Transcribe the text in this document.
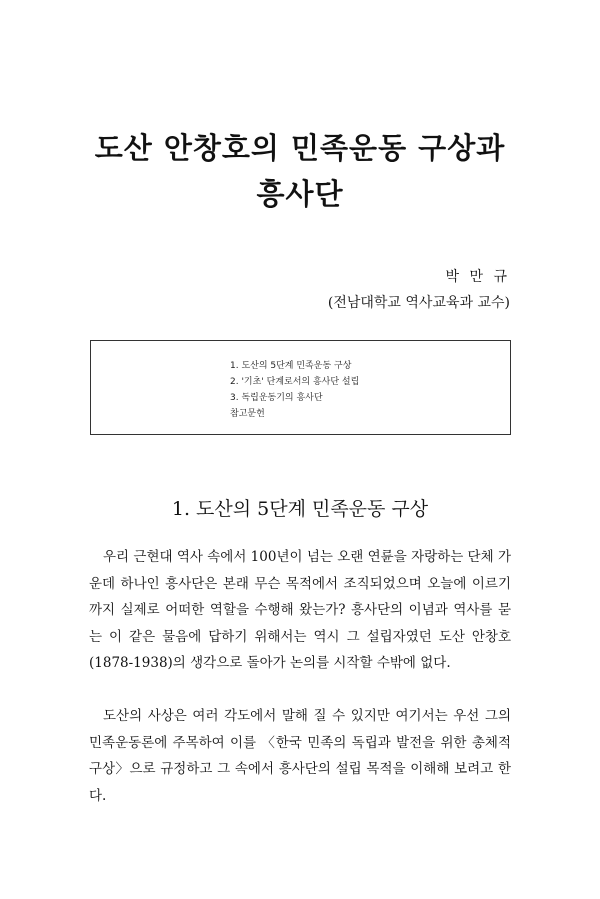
도산 안창호의 민족운동 구상과
흥사단
박 만 규
(전남대학교 역사교육과 교수)
1. 도산의 5단계 민족운동 구상
2. '기초' 단계로서의 흥사단 설립
3. 독립운동기의 흥사단
참고문헌
1. 도산의 5단계 민족운동 구상

우리 근현대 역사 속에서 100년이 넘는 오랜 연륜을 자랑하는 단체 가운데 하나인 흥사단은 본래 무슨 목적에서 조직되었으며 오늘에 이르기까지 실제로 어떠한 역할을 수행해 왔는가? 흥사단의 이념과 역사를 묻는 이 같은 물음에 답하기 위해서는 역시 그 설립자였던 도산 안창호(1878-1938)의 생각으로 돌아가 논의를 시작할 수밖에 없다.

도산의 사상은 여러 각도에서 말해 질 수 있지만 여기서는 우선 그의 민족운동론에 주목하여 이를 〈한국 민족의 독립과 발전을 위한 총체적 구상〉으로 규정하고 그 속에서 흥사단의 설립 목적을 이해해 보려고 한다.
